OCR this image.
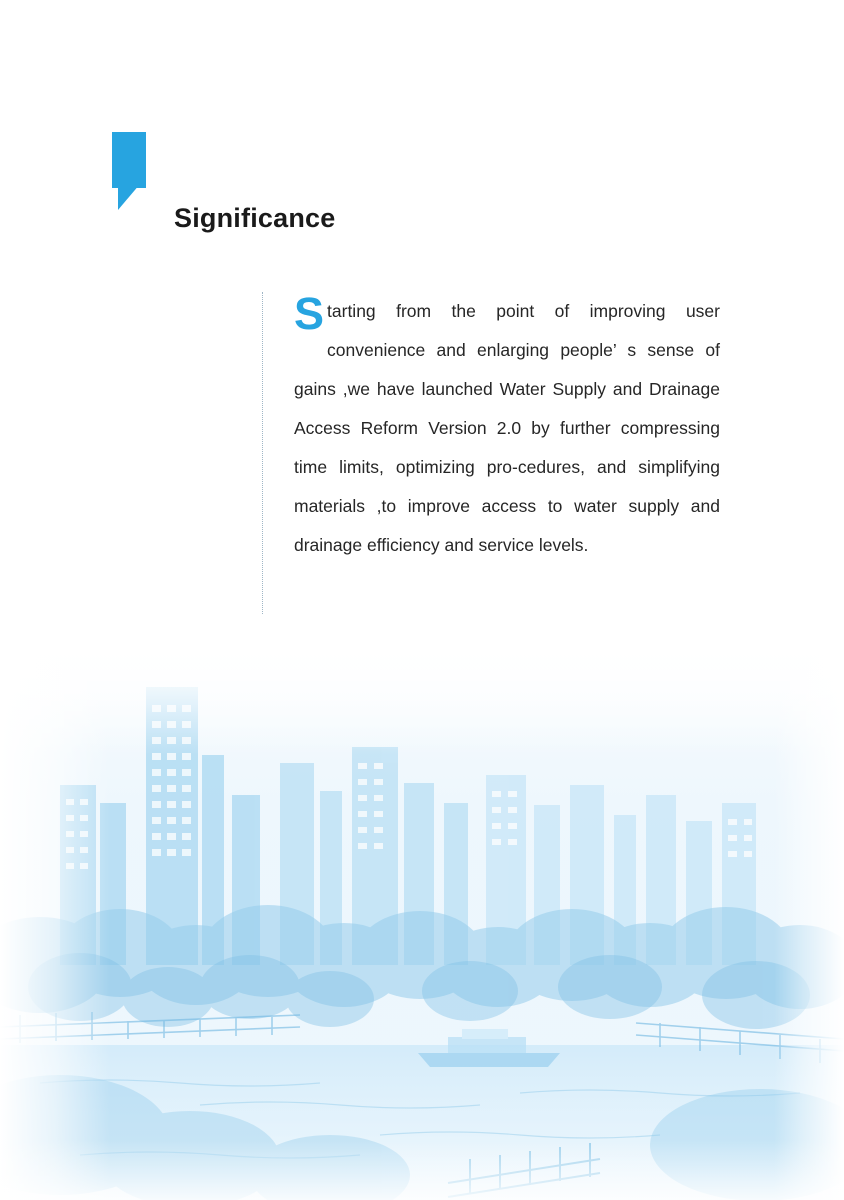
Significance
Starting from the point of improving user convenience and enlarging people’ s sense of gains ,we have launched Water Supply and Drainage Access Reform Version 2.0 by further compressing time limits, optimizing pro-cedures, and simplifying materials ,to improve access to water supply and drainage efficiency and service levels.
